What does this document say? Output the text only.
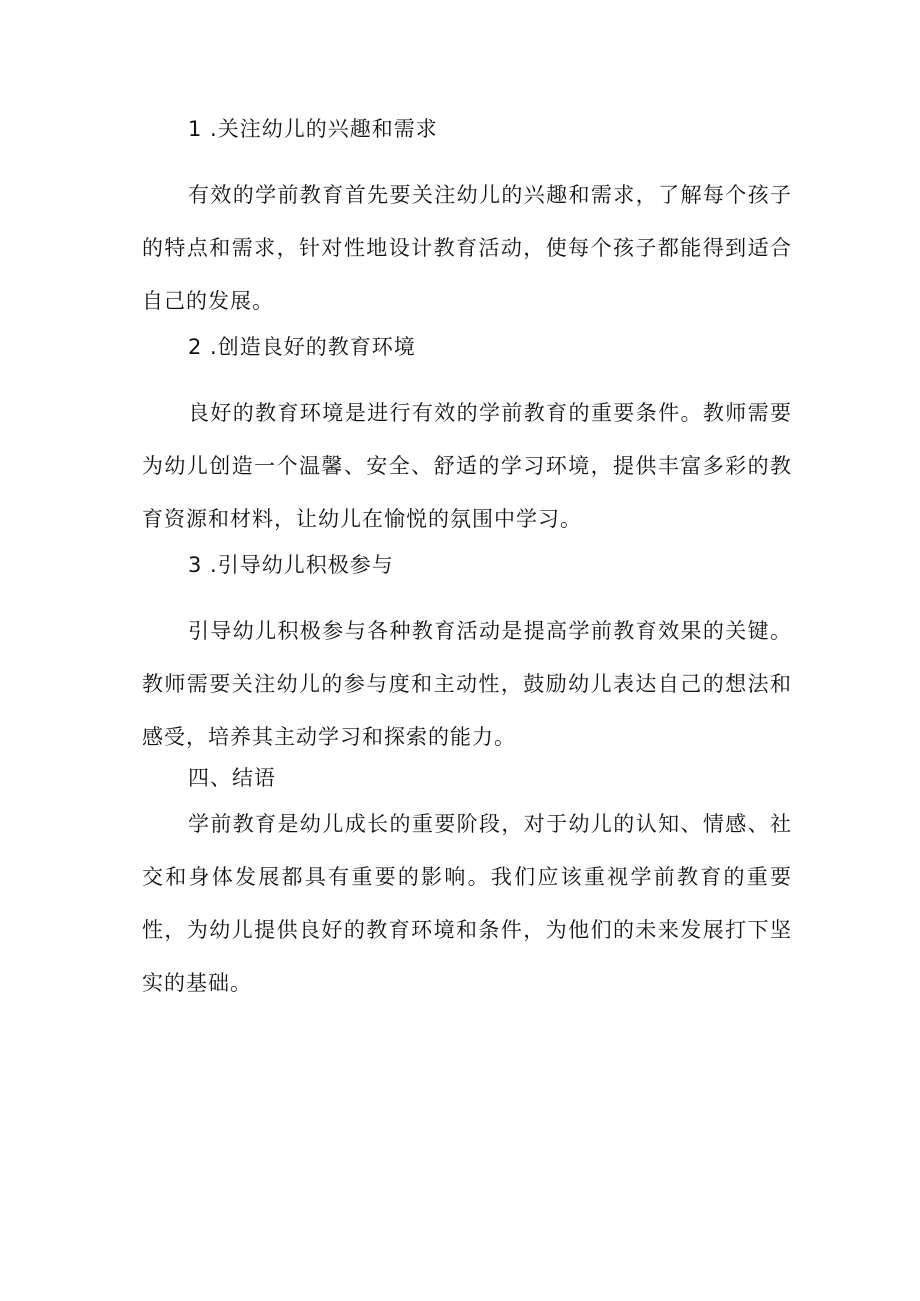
1 .关注幼儿的兴趣和需求
有效的学前教育首先要关注幼儿的兴趣和需求，了解每个孩子的特点和需求，针对性地设计教育活动，使每个孩子都能得到适合自己的发展。
2 .创造良好的教育环境
良好的教育环境是进行有效的学前教育的重要条件。教师需要为幼儿创造一个温馨、安全、舒适的学习环境，提供丰富多彩的教育资源和材料，让幼儿在愉悦的氛围中学习。
3 .引导幼儿积极参与
引导幼儿积极参与各种教育活动是提高学前教育效果的关键。教师需要关注幼儿的参与度和主动性，鼓励幼儿表达自己的想法和感受，培养其主动学习和探索的能力。
四、结语
学前教育是幼儿成长的重要阶段，对于幼儿的认知、情感、社交和身体发展都具有重要的影响。我们应该重视学前教育的重要性，为幼儿提供良好的教育环境和条件，为他们的未来发展打下坚实的基础。
